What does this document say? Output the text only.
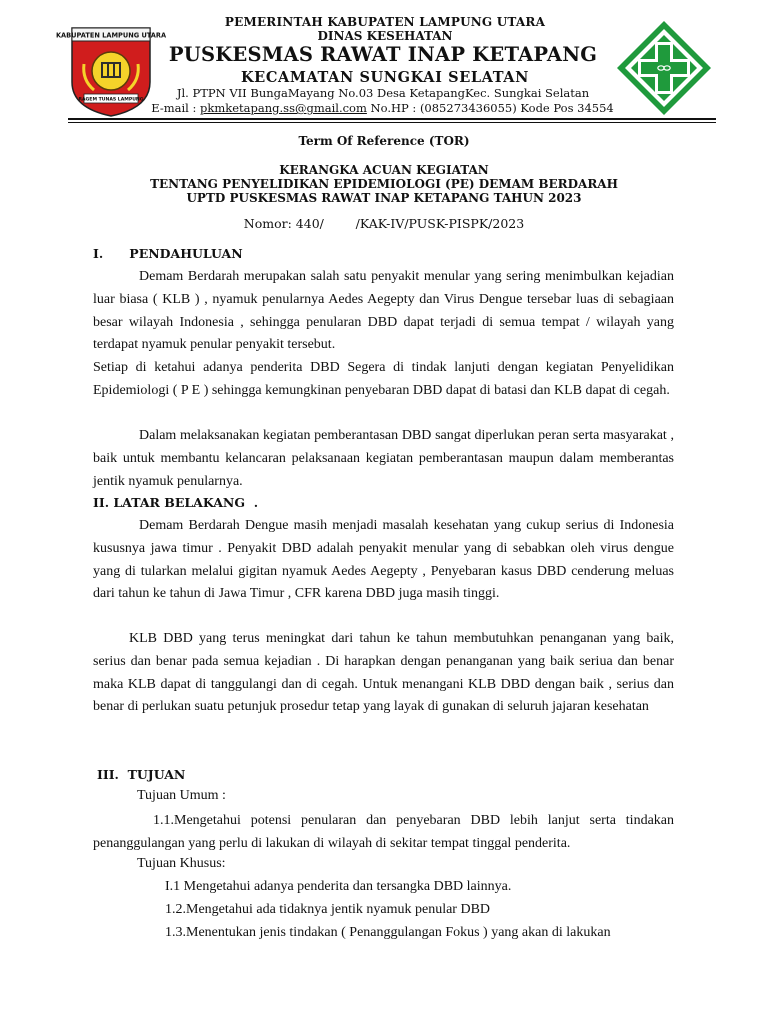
KABUPATEN LAMPUNG UTARA
RAGEM TUNAS LAMPUNG
PEMERINTAH KABUPATEN LAMPUNG UTARA
DINAS KESEHATAN
PUSKESMAS RAWAT INAP KETAPANG
KECAMATAN SUNGKAI SELATAN
Jl. PTPN VII BungaMayang No.03 Desa KetapangKec. Sungkai Selatan
E-mail : pkmketapang.ss@gmail.com No.HP : (085273436055) Kode Pos 34554
Term Of Reference (TOR)
KERANGKA ACUAN KEGIATAN
TENTANG PENYELIDIKAN EPIDEMIOLOGI (PE) DEMAM BERDARAH
UPTD PUSKESMAS RAWAT INAP KETAPANG TAHUN 2023
Nomor: 440/        /KAK-IV/PUSK-PISPK/2023
I.      PENDAHULUAN
Demam Berdarah merupakan salah satu penyakit menular yang sering menimbulkan kejadian luar biasa ( KLB ) , nyamuk penularnya Aedes Aegepty dan Virus Dengue tersebar luas di sebagiaan besar wilayah Indonesia , sehingga penularan DBD dapat terjadi di semua tempat / wilayah yang terdapat nyamuk penular penyakit tersebut.
Setiap di ketahui adanya penderita DBD Segera di tindak lanjuti dengan kegiatan Penyelidikan Epidemiologi ( P E ) sehingga kemungkinan penyebaran DBD dapat di batasi dan KLB dapat di cegah.
Dalam melaksanakan kegiatan pemberantasan DBD sangat diperlukan peran serta masyarakat , baik untuk membantu kelancaran pelaksanaan kegiatan pemberantasan maupun dalam memberantas jentik nyamuk penularnya.
II. LATAR BELAKANG  .
Demam Berdarah Dengue masih menjadi masalah kesehatan yang cukup serius di Indonesia kususnya jawa timur . Penyakit DBD adalah penyakit menular yang di sebabkan oleh virus dengue yang di tularkan melalui gigitan nyamuk Aedes Aegepty , Penyebaran kasus DBD cenderung meluas dari tahun ke tahun di Jawa Timur , CFR karena DBD juga masih tinggi.
KLB DBD yang terus meningkat dari tahun ke tahun membutuhkan penanganan yang baik, serius dan benar pada semua kejadian . Di harapkan dengan penanganan yang baik seriua dan benar maka KLB dapat di tanggulangi dan di cegah. Untuk menangani KLB DBD dengan baik , serius dan benar di perlukan suatu petunjuk prosedur tetap yang layak di gunakan di seluruh jajaran kesehatan
III.  TUJUAN
Tujuan Umum :
1.1.Mengetahui potensi penularan dan penyebaran DBD lebih lanjut serta tindakan penanggulangan yang perlu di lakukan di wilayah di sekitar tempat tinggal penderita.
Tujuan Khusus:
I.1 Mengetahui adanya penderita dan tersangka DBD lainnya.
1.2.Mengetahui ada tidaknya jentik nyamuk penular DBD
1.3.Menentukan jenis tindakan ( Penanggulangan Fokus ) yang akan di lakukan
